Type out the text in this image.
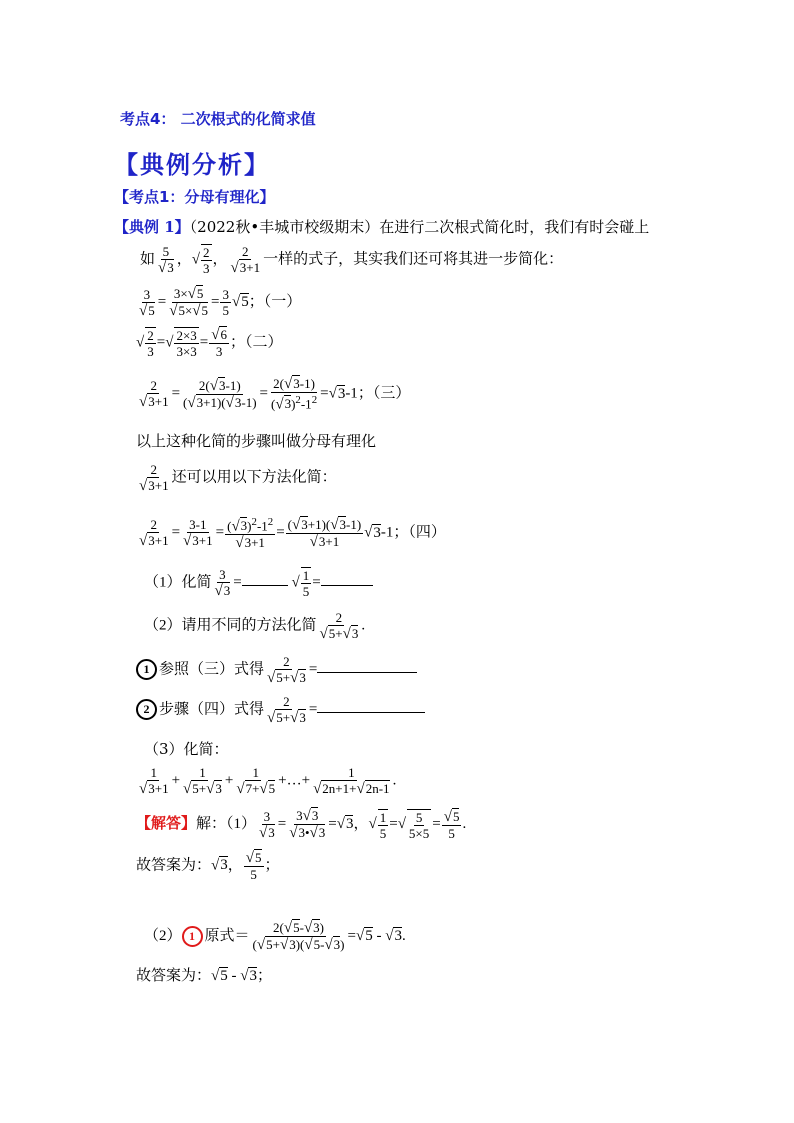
考点4： 二次根式的化简求值
【典例分析】
【考点1：分母有理化】
【典例 1】（2022秋•丰城市校级期末）在进行二次根式简化时，我们有时会碰上
如 $\frac{5}{√3}$ ，√ $\frac{2}{3}$ ， $\frac{2}{√3+1}$ 一样的式子，其实我们还可将其进一步简化：
$\frac{3}{√5} = \frac{3\times√5}{√5\times√5} = \frac{3}{5} √5$；（一）
√ $\frac{2}{3}$ =√ $\frac{2\times 3}{3\times 3} = \frac{√6}{3}$ ；（二）
$\frac{2}{√3+1} = \frac{2(√3-1)}{(√3+1)(√3-1)} = \frac{2(√3-1)}{(√3)^2-1^2} =√3-1$；（三）
以上这种化简的步骤叫做分母有理化
$\frac{2}{√3+1}$ 还可以用以下方法化简：
$\frac{2}{√3+1} = \frac{3-1}{√3+1} = \frac{(√3)^2-1^2}{√3+1} = \frac{(√3+1)(√3-1)}{√3+1} √3-1$；（四）
（1）化简 $\frac{3}{√3}$ =	√ $\frac{1}{5}$ =
（2）请用不同的方法化简 $\frac{2}{√5+√3}$ .
1 参照（三）式得 $\frac{2}{√5+√3}$ =
2 步骤（四）式得 $\frac{2}{√5+√3}$ =
（3）化简：
$\frac{1}{√3+1} + \frac{1}{√5+√3} + \frac{1}{√7+√5}$ +…+ $\frac{1}{√2n+1+√2n-1}$ .
【解答】解：$(1) \frac{3}{√3} = \frac{3√3}{√3•√3} =√3$，√ $\frac{1}{5}$ =√ $\frac{5}{5\times 5} = \frac{√5}{5}$ .
故答案为：√3， $\frac{√5}{5}$ ；
（2） 1 原式＝ $\frac{2(√5-√3)}{(√5+√3)(√5-√3)} =√5 - √3$.
故答案为：√5 - √3；
